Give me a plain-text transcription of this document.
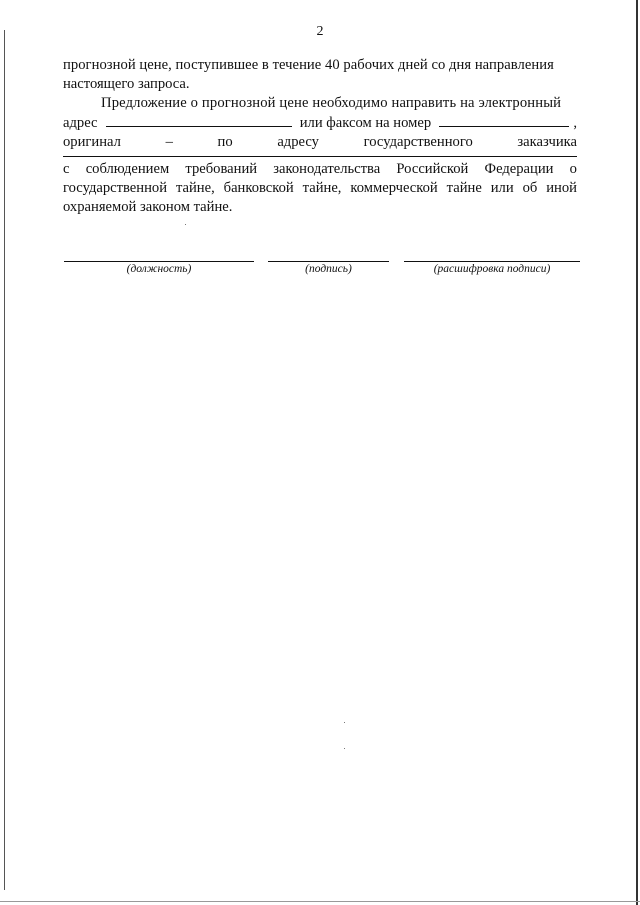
2
прогнозной цене, поступившее в течение 40 рабочих дней со дня направления
настоящего запроса.
Предложение о прогнозной цене необходимо направить на электронный
адрес	или факсом на номер	,
оригинал	–	по	адресу	государственного	заказчика
с соблюдением требований законодательства Российской Федерации о
государственной тайне, банковской тайне, коммерческой тайне или об иной
охраняемой законом тайне.
(должность)	(подпись)	(расшифровка подписи)
